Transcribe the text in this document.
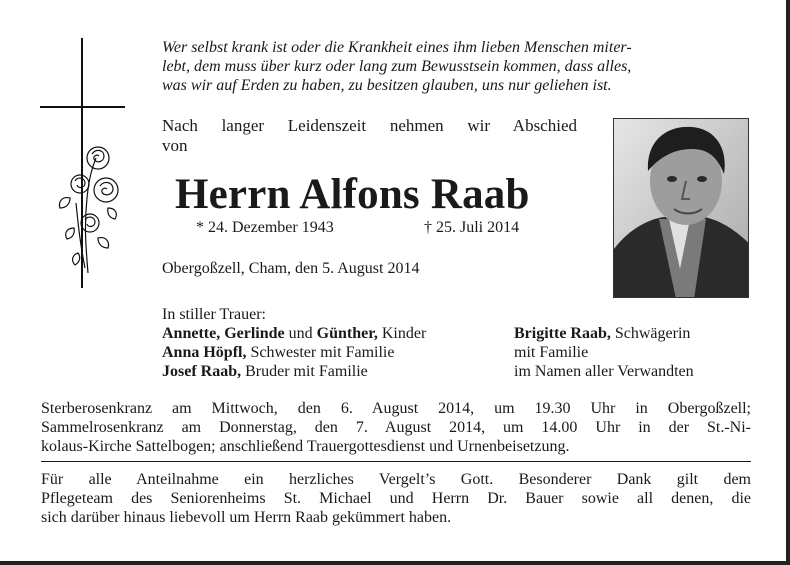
Wer selbst krank ist oder die Krankheit eines ihm lieben Menschen miter-
lebt, dem muss über kurz oder lang zum Bewusstsein kommen, dass alles,
was wir auf Erden zu haben, zu besitzen glauben, uns nur geliehen ist.
Nach langer Leidenszeit nehmen wir Abschied
von
Herrn Alfons Raab
* 24. Dezember 1943	† 25. Juli 2014
Obergoßzell, Cham, den 5. August 2014
In stiller Trauer:
Annette, Gerlinde und Günther, Kinder
Anna Höpfl, Schwester mit Familie
Josef Raab, Bruder mit Familie
Brigitte Raab, Schwägerin
mit Familie
im Namen aller Verwandten
Sterberosenkranz am Mittwoch, den 6. August 2014, um 19.30 Uhr in Obergoßzell;
Sammelrosenkranz am Donnerstag, den 7. August 2014, um 14.00 Uhr in der St.-Ni-
kolaus-Kirche Sattelbogen; anschließend Trauergottesdienst und Urnenbeisetzung.
Für alle Anteilnahme ein herzliches Vergelt’s Gott. Besonderer Dank gilt dem
Pflegeteam des Seniorenheims St. Michael und Herrn Dr. Bauer sowie all denen, die
sich darüber hinaus liebevoll um Herrn Raab gekümmert haben.
